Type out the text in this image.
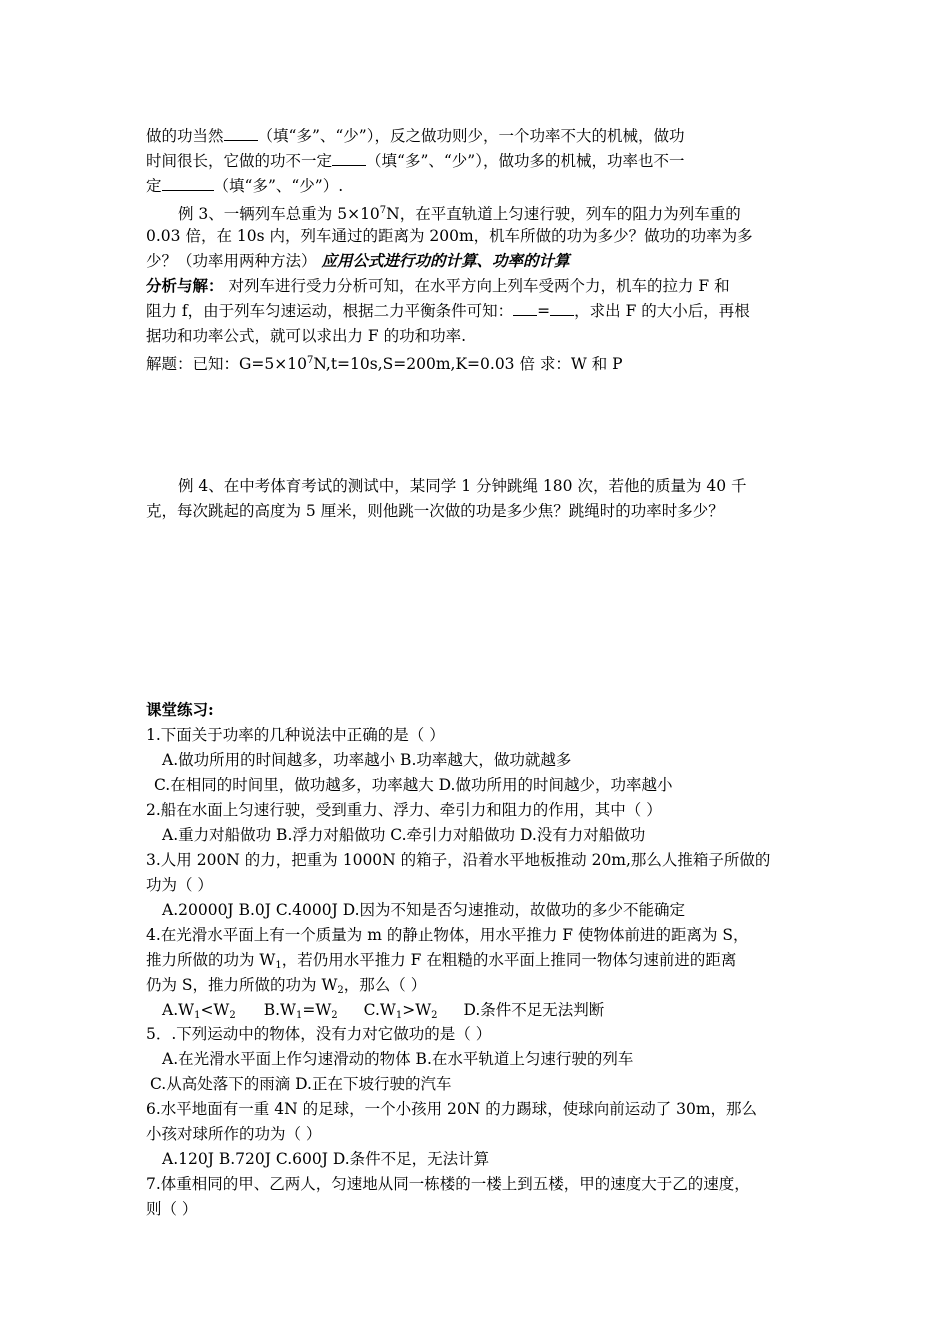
做的功当然 （填“多”、“少”），反之做功则少，一个功率不大的机械，做功
时间很长，它做的功不一定 （填“多”、“少”），做功多的机械，功率也不一
定	（填“多”、“少”）.
例 3、一辆列车总重为 $5\times 10^7N$，在平直轨道上匀速行驶，列车的阻力为列车重的
0.03 倍，在 10s 内，列车通过的距离为 200m，机车所做的功为多少？做功的功率为多
少？（功率用两种方法） 应用公式进行功的计算、功率的计算
分析与解： 对列车进行受力分析可知，在水平方向上列车受两个力，机车的拉力 F 和
阻力 f，由于列车匀速运动，根据二力平衡条件可知： = ，求出 F 的大小后，再根
据功和功率公式，就可以求出力 F 的功和功率.
解题：已知：$G=5\times 10^7N,t=10s,S=200m,K=0.03$ 倍 求：W 和 P
例 4、在中考体育考试的测试中，某同学 1 分钟跳绳 180 次，若他的质量为 40 千
克，每次跳起的高度为 5 厘米，则他跳一次做的功是多少焦？跳绳时的功率时多少？
课堂练习:
1.下面关于功率的几种说法中正确的是（ ）
A.做功所用的时间越多，功率越小 B.功率越大，做功就越多
C.在相同的时间里，做功越多，功率越大 D.做功所用的时间越少，功率越小
2.船在水面上匀速行驶，受到重力、浮力、牵引力和阻力的作用，其中（ ）
A.重力对船做功 B.浮力对船做功 C.牵引力对船做功 D.没有力对船做功
3.人用 200N 的力，把重为 1000N 的箱子，沿着水平地板推动 20m,那么人推箱子所做的
功为（ ）
A.20000J B.0J C.4000J D.因为不知是否匀速推动，故做功的多少不能确定
4.在光滑水平面上有一个质量为 m 的静止物体，用水平推力 F 使物体前进的距离为 S，
推力所做的功为 $W_1$，若仍用水平推力 F 在粗糙的水平面上推同一物体匀速前进的距离
仍为 S，推力所做的功为 $W_2$，那么（ ）
$A.W_1<W_2$ $B.W_1=W_2$ $C.W_1>W_2$ D.条件不足无法判断
5．.下列运动中的物体，没有力对它做功的是（ ）
A.在光滑水平面上作匀速滑动的物体 B.在水平轨道上匀速行驶的列车
C.从高处落下的雨滴 D.正在下坡行驶的汽车
6.水平地面有一重 4N 的足球，一个小孩用 20N 的力踢球，使球向前运动了 30m，那么
小孩对球所作的功为（ ）
A.120J B.720J C.600J D.条件不足，无法计算
7.体重相同的甲、乙两人，匀速地从同一栋楼的一楼上到五楼，甲的速度大于乙的速度，
则（ ）
